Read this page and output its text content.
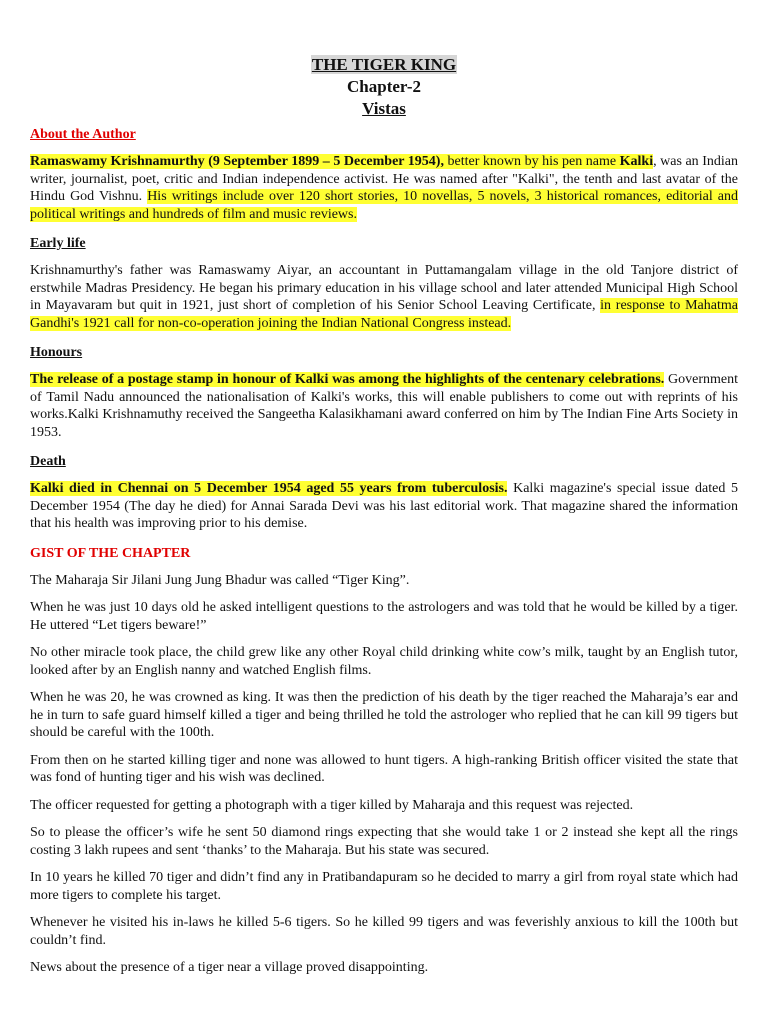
THE TIGER KING
Chapter-2
Vistas
About the Author

Ramaswamy Krishnamurthy (9 September 1899 – 5 December 1954), better known by his pen name Kalki, was an Indian writer, journalist, poet, critic and Indian independence activist. He was named after "Kalki", the tenth and last avatar of the Hindu God Vishnu. His writings include over 120 short stories, 10 novellas, 5 novels, 3 historical romances, editorial and political writings and hundreds of film and music reviews.

Early life

Krishnamurthy's father was Ramaswamy Aiyar, an accountant in Puttamangalam village in the old Tanjore district of erstwhile Madras Presidency. He began his primary education in his village school and later attended Municipal High School in Mayavaram but quit in 1921, just short of completion of his Senior School Leaving Certificate, in response to Mahatma Gandhi's 1921 call for non-co-operation joining the Indian National Congress instead.

Honours

The release of a postage stamp in honour of Kalki was among the highlights of the centenary celebrations. Government of Tamil Nadu announced the nationalisation of Kalki's works, this will enable publishers to come out with reprints of his works.Kalki Krishnamuthy received the Sangeetha Kalasikhamani award conferred on him by The Indian Fine Arts Society in 1953.

Death

Kalki died in Chennai on 5 December 1954 aged 55 years from tuberculosis. Kalki magazine's special issue dated 5 December 1954 (The day he died) for Annai Sarada Devi was his last editorial work. That magazine shared the information that his health was improving prior to his demise.

GIST OF THE CHAPTER

The Maharaja Sir Jilani Jung Jung Bhadur was called “Tiger King”.

When he was just 10 days old he asked intelligent questions to the astrologers and was told that he would be killed by a tiger. He uttered “Let tigers beware!”

No other miracle took place, the child grew like any other Royal child drinking white cow’s milk, taught by an English tutor, looked after by an English nanny and watched English films.

When he was 20, he was crowned as king. It was then the prediction of his death by the tiger reached the Maharaja’s ear and he in turn to safe guard himself killed a tiger and being thrilled he told the astrologer who replied that he can kill 99 tigers but should be careful with the 100th.

From then on he started killing tiger and none was allowed to hunt tigers. A high-ranking British officer visited the state that was fond of hunting tiger and his wish was declined.

The officer requested for getting a photograph with a tiger killed by Maharaja and this request was rejected.

So to please the officer’s wife he sent 50 diamond rings expecting that she would take 1 or 2 instead she kept all the rings costing 3 lakh rupees and sent ‘thanks’ to the Maharaja. But his state was secured.

In 10 years he killed 70 tiger and didn’t find any in Pratibandapuram so he decided to marry a girl from royal state which had more tigers to complete his target.

Whenever he visited his in-laws he killed 5-6 tigers. So he killed 99 tigers and was feverishly anxious to kill the 100th but couldn’t find.

News about the presence of a tiger near a village proved disappointing.
